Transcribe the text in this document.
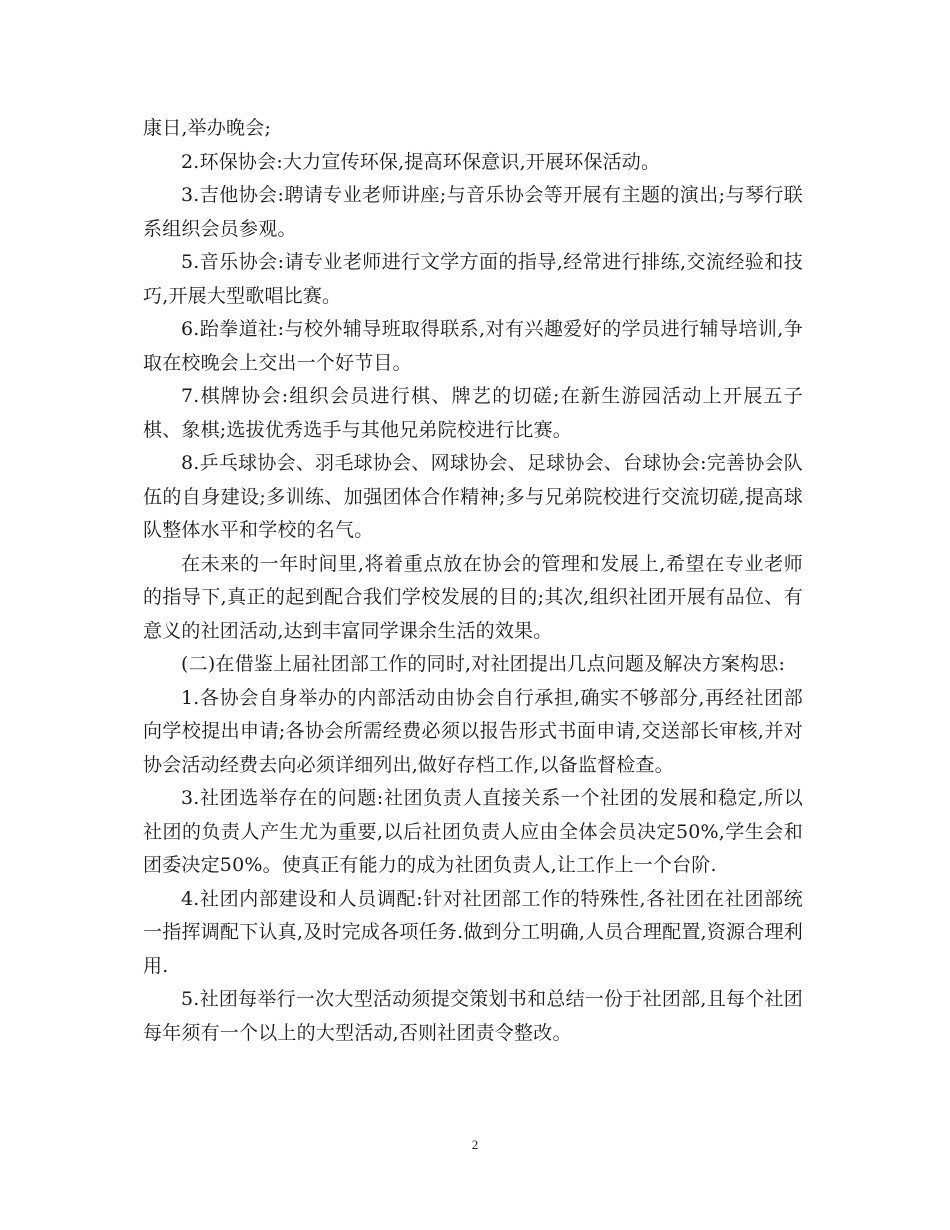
康日,举办晚会;

2.环保协会:大力宣传环保,提高环保意识,开展环保活动。

3.吉他协会:聘请专业老师讲座;与音乐协会等开展有主题的演出;与琴行联系组织会员参观。

5.音乐协会:请专业老师进行文学方面的指导,经常进行排练,交流经验和技巧,开展大型歌唱比赛。

6.跆拳道社:与校外辅导班取得联系,对有兴趣爱好的学员进行辅导培训,争取在校晚会上交出一个好节目。

7.棋牌协会:组织会员进行棋、牌艺的切磋;在新生游园活动上开展五子棋、象棋;选拔优秀选手与其他兄弟院校进行比赛。

8.乒乓球协会、羽毛球协会、网球协会、足球协会、台球协会:完善协会队伍的自身建设;多训练、加强团体合作精神;多与兄弟院校进行交流切磋,提高球队整体水平和学校的名气。

在未来的一年时间里,将着重点放在协会的管理和发展上,希望在专业老师的指导下,真正的起到配合我们学校发展的目的;其次,组织社团开展有品位、有意义的社团活动,达到丰富同学课余生活的效果。

(二)在借鉴上届社团部工作的同时,对社团提出几点问题及解决方案构思:

1.各协会自身举办的内部活动由协会自行承担,确实不够部分,再经社团部向学校提出申请;各协会所需经费必须以报告形式书面申请,交送部长审核,并对协会活动经费去向必须详细列出,做好存档工作,以备监督检查。

3.社团选举存在的问题:社团负责人直接关系一个社团的发展和稳定,所以社团的负责人产生尤为重要,以后社团负责人应由全体会员决定50%,学生会和团委决定50%。使真正有能力的成为社团负责人,让工作上一个台阶.

4.社团内部建设和人员调配:针对社团部工作的特殊性,各社团在社团部统一指挥调配下认真,及时完成各项任务.做到分工明确,人员合理配置,资源合理利用.

5.社团每举行一次大型活动须提交策划书和总结一份于社团部,且每个社团每年须有一个以上的大型活动,否则社团责令整改。

2
